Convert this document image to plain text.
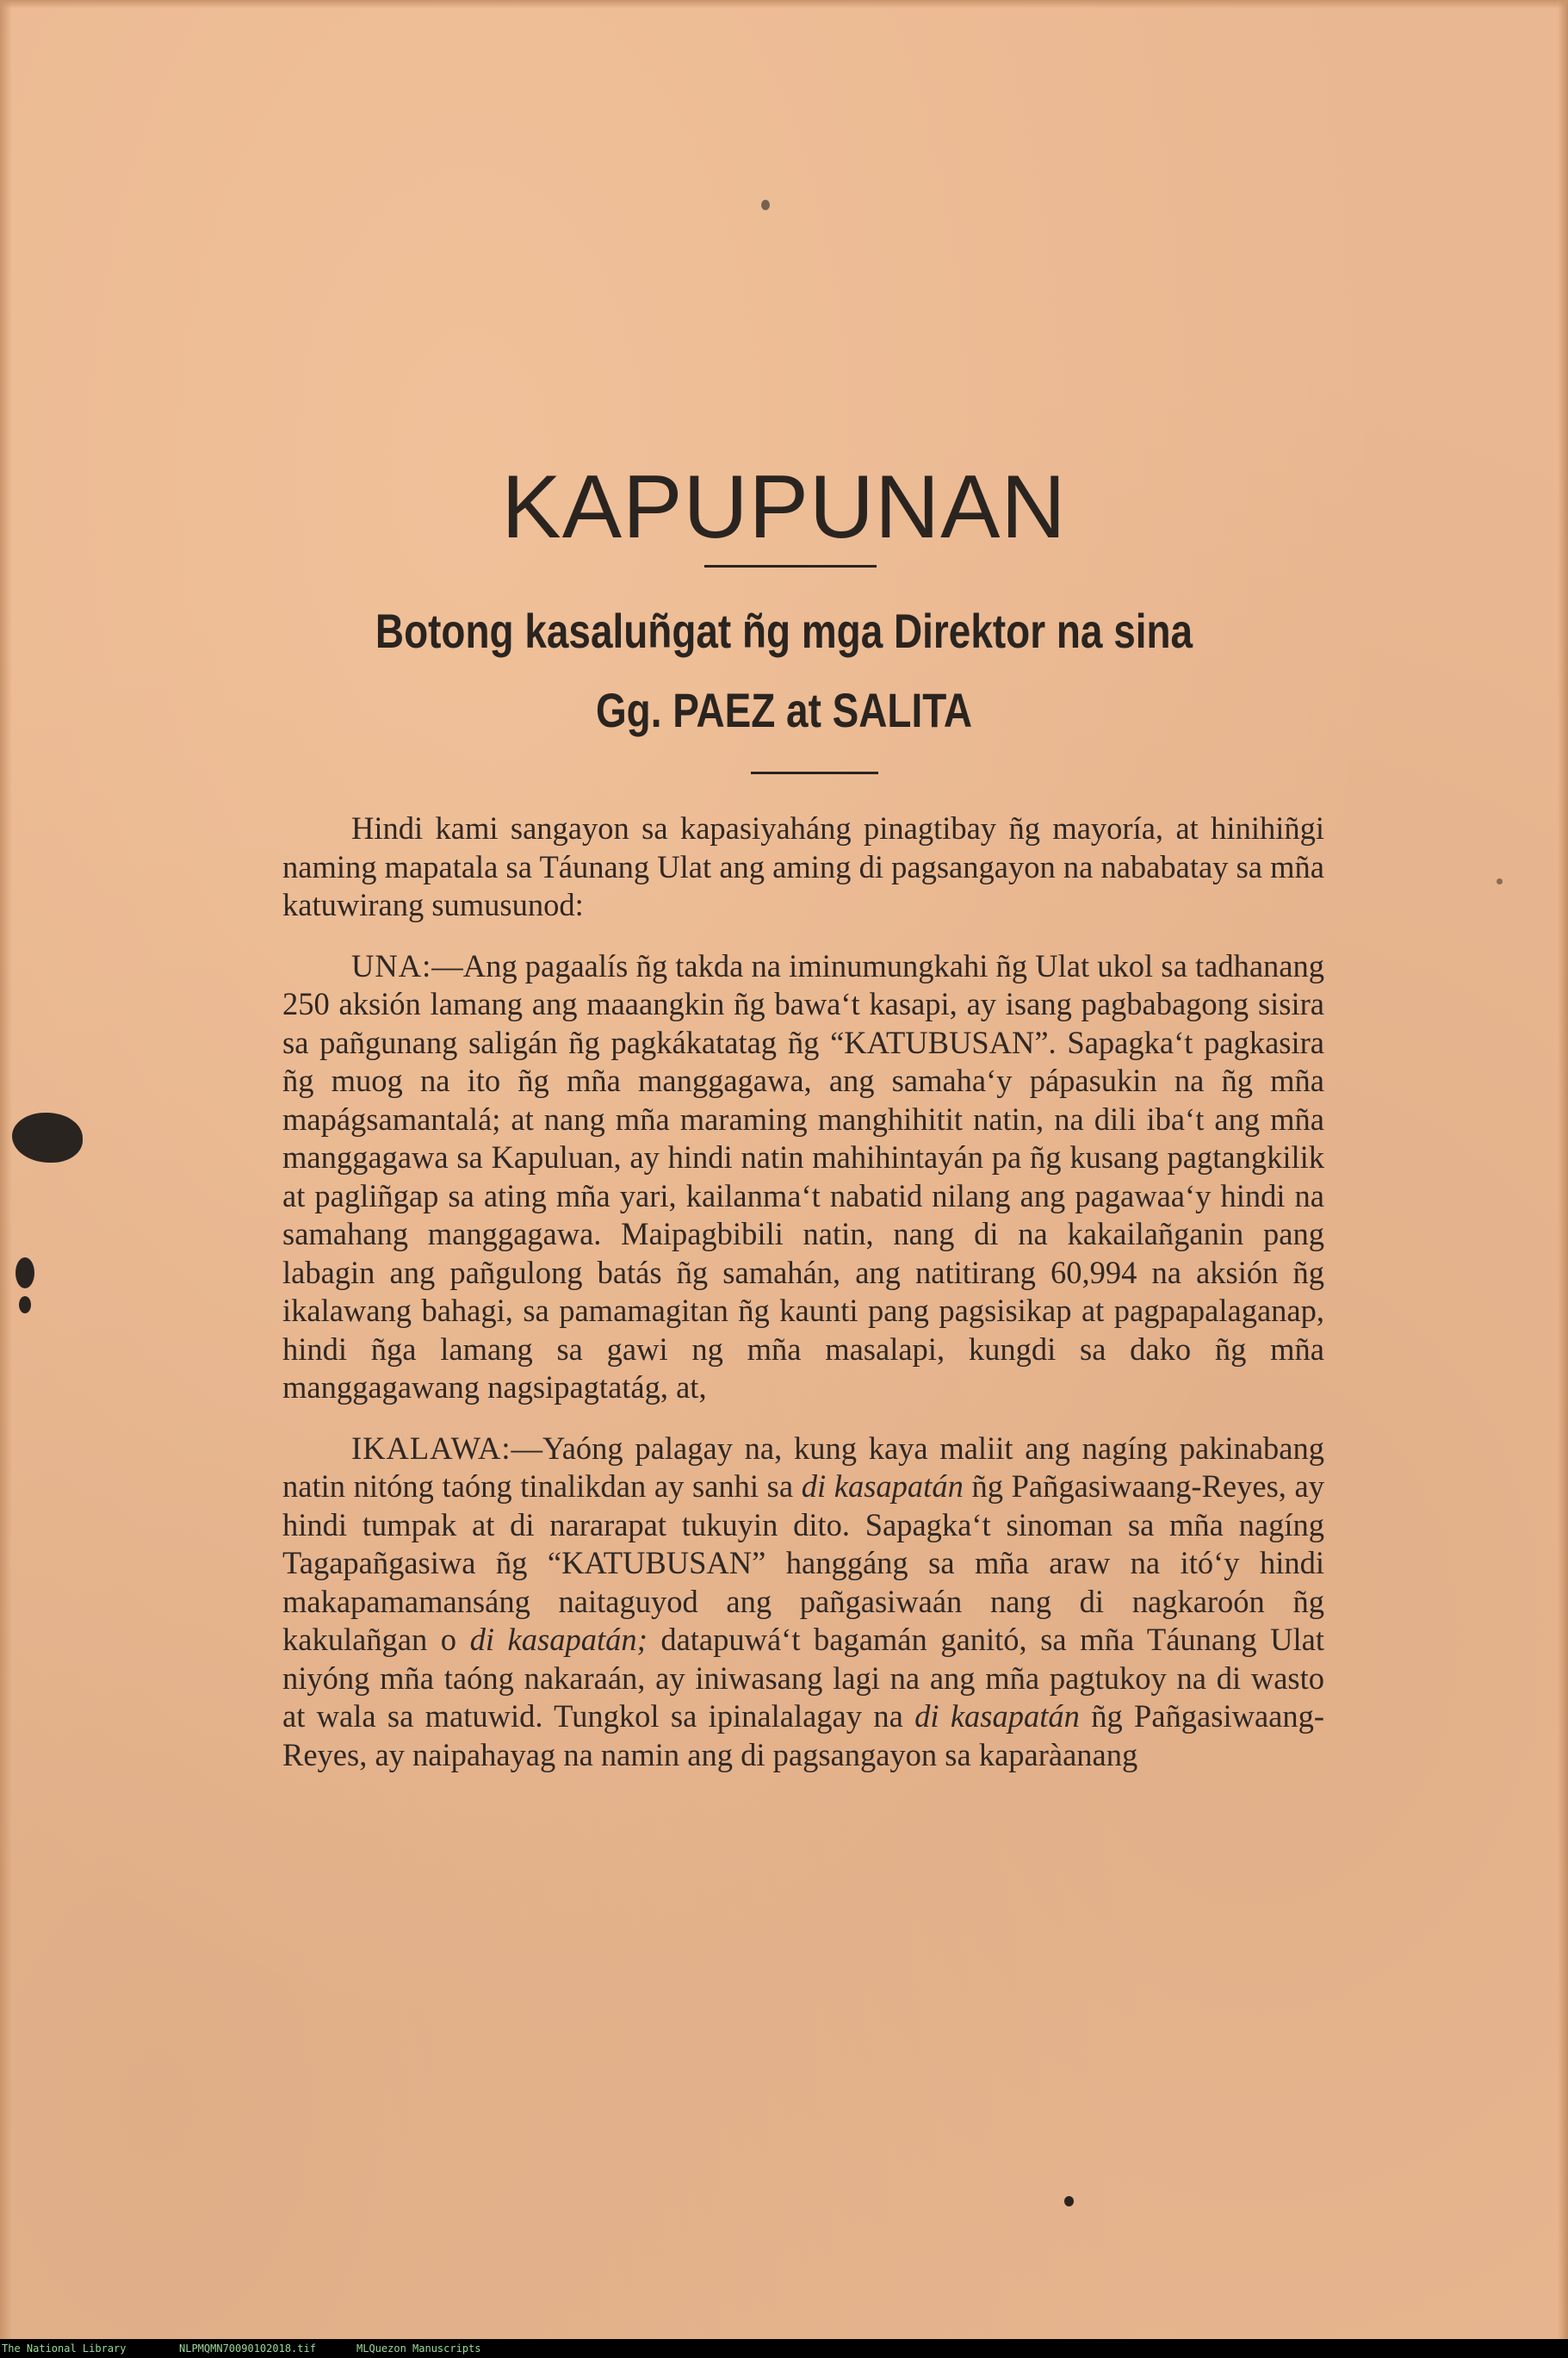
KAPUPUNAN
Botong kasaluñgat ñg mga Direktor na sina
Gg. PAEZ at SALITA

Hindi kami sangayon sa kapasiyaháng pinagtibay ñg mayoría, at hinihiñgi naming mapatala sa Táunang Ulat ang aming di pagsangayon na nababatay sa mña katuwirang sumusunod:

UNA:—Ang pagaalís ñg takda na iminumungkahi ñg Ulat ukol sa tadhanang 250 aksión lamang ang maaangkin ñg bawa‘t kasapi, ay isang pagbabagong sisira sa pañgunang saligán ñg pagkákatatag ñg “KATUBUSAN”. Sapagka‘t pagkasira ñg muog na ito ñg mña manggagawa, ang samaha‘y pápasukin na ñg mña mapágsamantalá; at nang mña maraming manghihitit natin, na dili iba‘t ang mña manggagawa sa Kapuluan, ay hindi natin mahihintayán pa ñg kusang pagtangkilik at pagliñgap sa ating mña yari, kailanma‘t nabatid nilang ang pagawaa‘y hindi na samahang manggagawa. Maipagbibili natin, nang di na kakailañganin pang labagin ang pañgulong batás ñg samahán, ang natitirang 60,994 na aksión ñg ikalawang bahagi, sa pamamagitan ñg kaunti pang pagsisikap at pagpapalaganap, hindi ñga lamang sa gawi ng mña masalapi, kungdi sa dako ñg mña manggagawang nagsipagtatág, at,

IKALAWA:—Yaóng palagay na, kung kaya maliit ang nagíng pakinabang natin nitóng taóng tinalikdan ay sanhi sa di kasapatán ñg Pañgasiwaang-Reyes, ay hindi tumpak at di nararapat tukuyin dito. Sapagka‘t sinoman sa mña nagíng Tagapañgasiwa ñg “KATUBUSAN” hanggáng sa mña araw na itó‘y hindi makapamamansáng naitaguyod ang pañgasiwaán nang di nagkaroón ñg kakulañgan o di kasapatán; datapuwá‘t bagamán ganitó, sa mña Táunang Ulat niyóng mña taóng nakaraán, ay iniwasang lagi na ang mña pagtukoy na di wasto at wala sa matuwid. Tungkol sa ipinalalagay na di kasapatán ñg Pañgasiwaang-Reyes, ay naipahayag na namin ang di pagsangayon sa kaparàanang

The National Library	NLPMQMN70090102018.tif	MLQuezon Manuscripts
